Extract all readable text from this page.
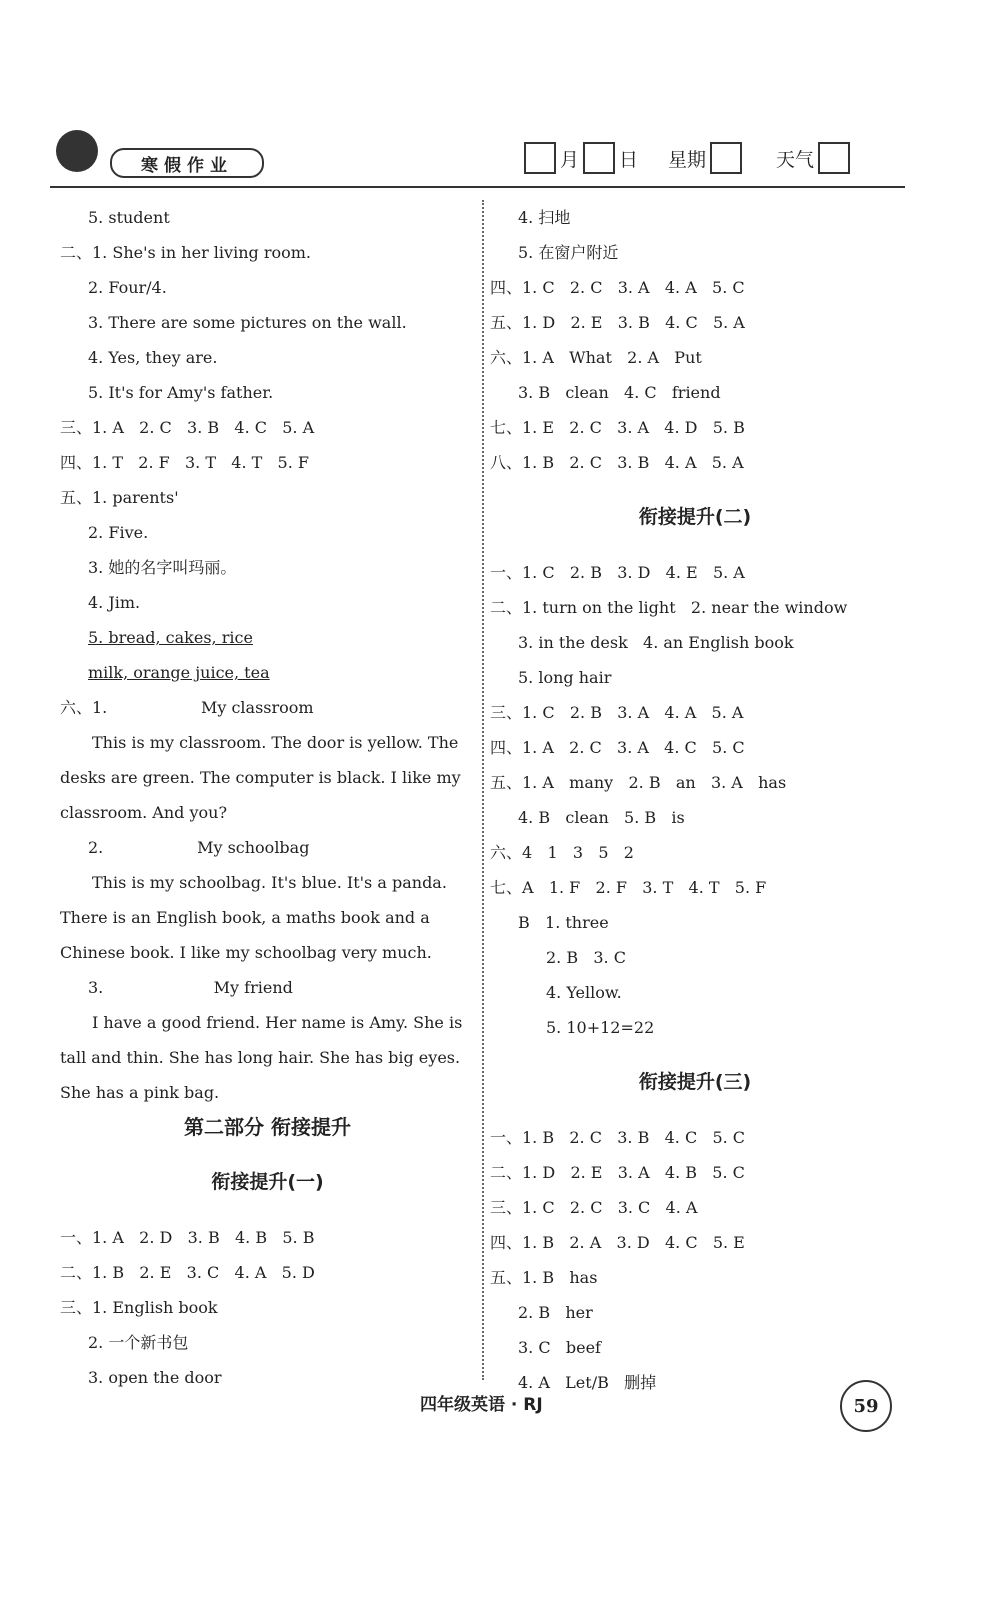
寒假作业	月 日 星期	天气
5. student
二、1. She's in her living room.
2. Four/4.
3. There are some pictures on the wall.
4. Yes, they are.
5. It's for Amy's father.
三、1. A   2. C   3. B   4. C   5. A
四、1. T   2. F   3. T   4. T   5. F
五、1. parents'
2. Five.
3. 她的名字叫玛丽。
4. Jim.
5. bread, cakes, rice
milk, orange juice, tea
六、1.	My classroom
This is my classroom. The door is yellow. The desks are green. The computer is black. I like my classroom. And you?
2.	My schoolbag
This is my schoolbag. It's blue. It's a panda. There is an English book, a maths book and a Chinese book. I like my schoolbag very much.
3.	My friend
I have a good friend. Her name is Amy. She is tall and thin. She has long hair. She has big eyes. She has a pink bag.
第二部分 衔接提升
衔接提升(一)
一、1. A   2. D   3. B   4. B   5. B
二、1. B   2. E   3. C   4. A   5. D
三、1. English book
2. 一个新书包
3. open the door
4. 扫地
5. 在窗户附近
四、1. C   2. C   3. A   4. A   5. C
五、1. D   2. E   3. B   4. C   5. A
六、1. A   What   2. A   Put
3. B   clean   4. C   friend
七、1. E   2. C   3. A   4. D   5. B
八、1. B   2. C   3. B   4. A   5. A
衔接提升(二)
一、1. C   2. B   3. D   4. E   5. A
二、1. turn on the light   2. near the window
3. in the desk   4. an English book
5. long hair
三、1. C   2. B   3. A   4. A   5. A
四、1. A   2. C   3. A   4. C   5. C
五、1. A   many   2. B   an   3. A   has
4. B   clean   5. B   is
六、4   1   3   5   2
七、A   1. F   2. F   3. T   4. T   5. F
B   1. three
2. B   3. C
4. Yellow.
5. 10+12=22
衔接提升(三)
一、1. B   2. C   3. B   4. C   5. C
二、1. D   2. E   3. A   4. B   5. C
三、1. C   2. C   3. C   4. A
四、1. B   2. A   3. D   4. C   5. E
五、1. B   has
2. B   her
3. C   beef
4. A   Let/B   删掉
四年级英语 · RJ	59
